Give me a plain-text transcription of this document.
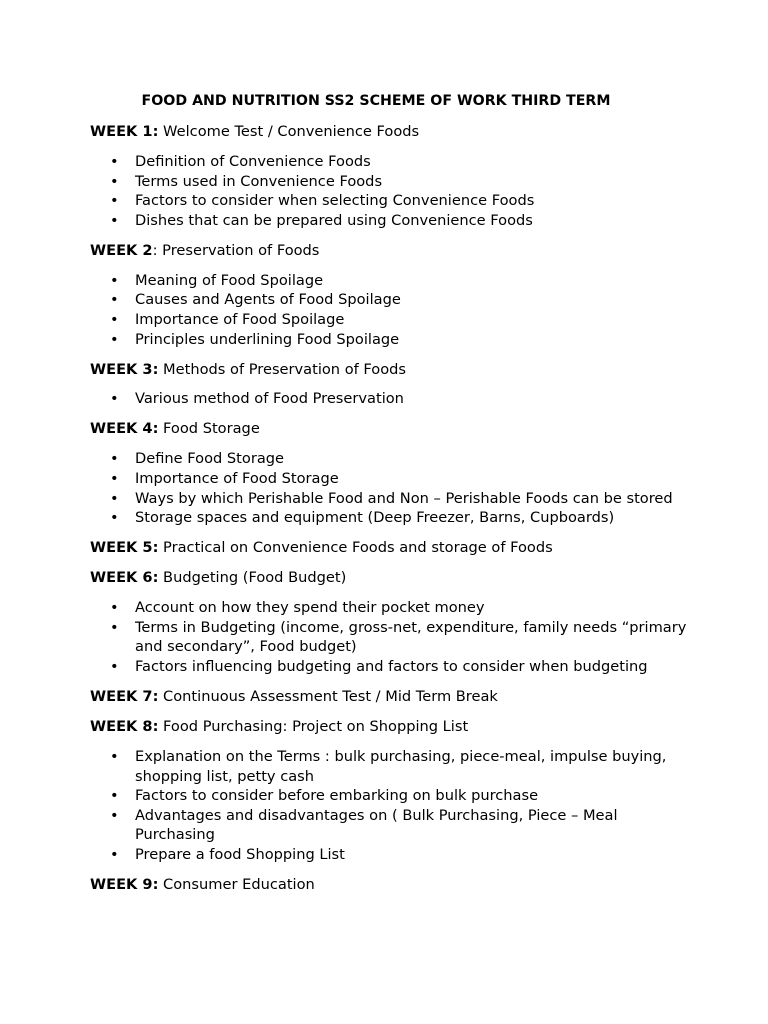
FOOD AND NUTRITION SS2 SCHEME OF WORK THIRD TERM
WEEK 1: Welcome Test / Convenience Foods
• Definition of Convenience Foods
• Terms used in Convenience Foods
• Factors to consider when selecting Convenience Foods
• Dishes that can be prepared using Convenience Foods
WEEK 2: Preservation of Foods
• Meaning of Food Spoilage
• Causes and Agents of Food Spoilage
• Importance of Food Spoilage
• Principles underlining Food Spoilage
WEEK 3: Methods of Preservation of Foods
• Various method of Food Preservation
WEEK 4: Food Storage
• Define Food Storage
• Importance of Food Storage
• Ways by which Perishable Food and Non – Perishable Foods can be stored
• Storage spaces and equipment (Deep Freezer, Barns, Cupboards)
WEEK 5: Practical on Convenience Foods and storage of Foods
WEEK 6: Budgeting (Food Budget)
• Account on how they spend their pocket money
• Terms in Budgeting (income, gross-net, expenditure, family needs “primary and secondary”, Food budget)
• Factors influencing budgeting and factors to consider when budgeting
WEEK 7: Continuous Assessment Test / Mid Term Break
WEEK 8: Food Purchasing: Project on Shopping List
• Explanation on the Terms : bulk purchasing, piece-meal, impulse buying, shopping list, petty cash
• Factors to consider before embarking on bulk purchase
• Advantages and disadvantages on ( Bulk Purchasing, Piece – Meal Purchasing
• Prepare a food Shopping List
WEEK 9: Consumer Education
